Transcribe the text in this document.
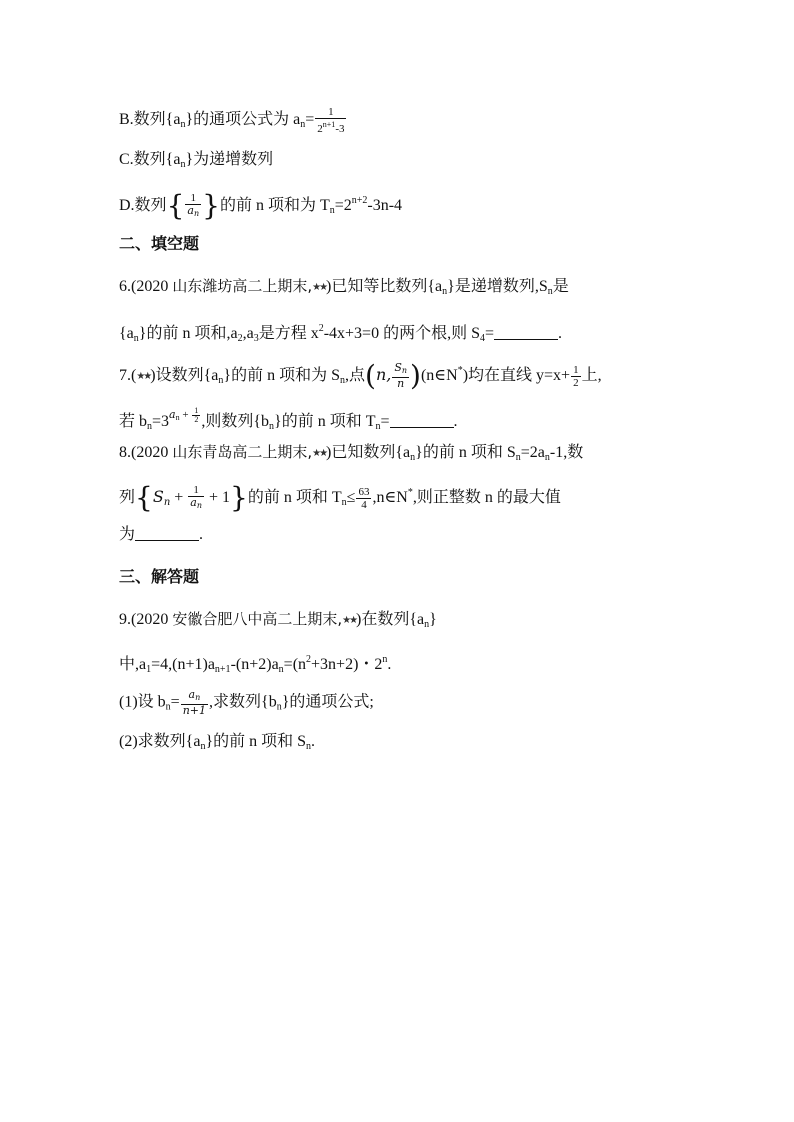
B.数列$\{a_n\}$的通项公式为 $a_n= \frac{1}{2^{n+1}-3}$
C.数列$\{a_n\}$为递增数列
D.数列{ $\frac{1}{an}$ }的前 n 项和为 $T_n=2^{n+2}-3n-4$
二、填空题
6.(2020 山东潍坊高二上期末,★★)已知等比数列$\{a_n\}$是递增数列$,S_n$是
$\{a_n\}$的前 n 项和$,a_2,a_3$是方程 $x^2-4x+3=0$ 的两个根,则 $S_4=$	.
7.(★★)设数列$\{a_n\}$的前 n 项和为 $S_n$,点(n, $\frac{Sn}{n}$ )(n∈N*)均在直线 $y=x+ \frac{1}{2}$ 上,
若 $b_n=3^{an + \frac{1}{2}}$ ,则数列$\{b_n\}$的前 n 项和 $T_n=$	.
8.(2020 山东青岛高二上期末,★★)已知数列$\{a_n\}$的前 n 项和 $S_n=2a_n-1$,数
列$\{S_n + \frac{1}{an} + 1\}$的前 n 项和 $T_n\le \frac{63}{4}$ ,n∈N*,则正整数 n 的最大值
为	.
三、解答题
9.(2020 安徽合肥八中高二上期末,★★)在数列$\{a_n\}$
中$,a_1=4,(n+1)a_{n+1}-(n+2)a_n=(n^2+3n+2)$・2$^n$.
(1)设 $b_n= \frac{an}{n+1}$ ,求数列$\{b_n\}$的通项公式;
(2)求数列$\{a_n\}$的前 n 项和 $S_n$.
